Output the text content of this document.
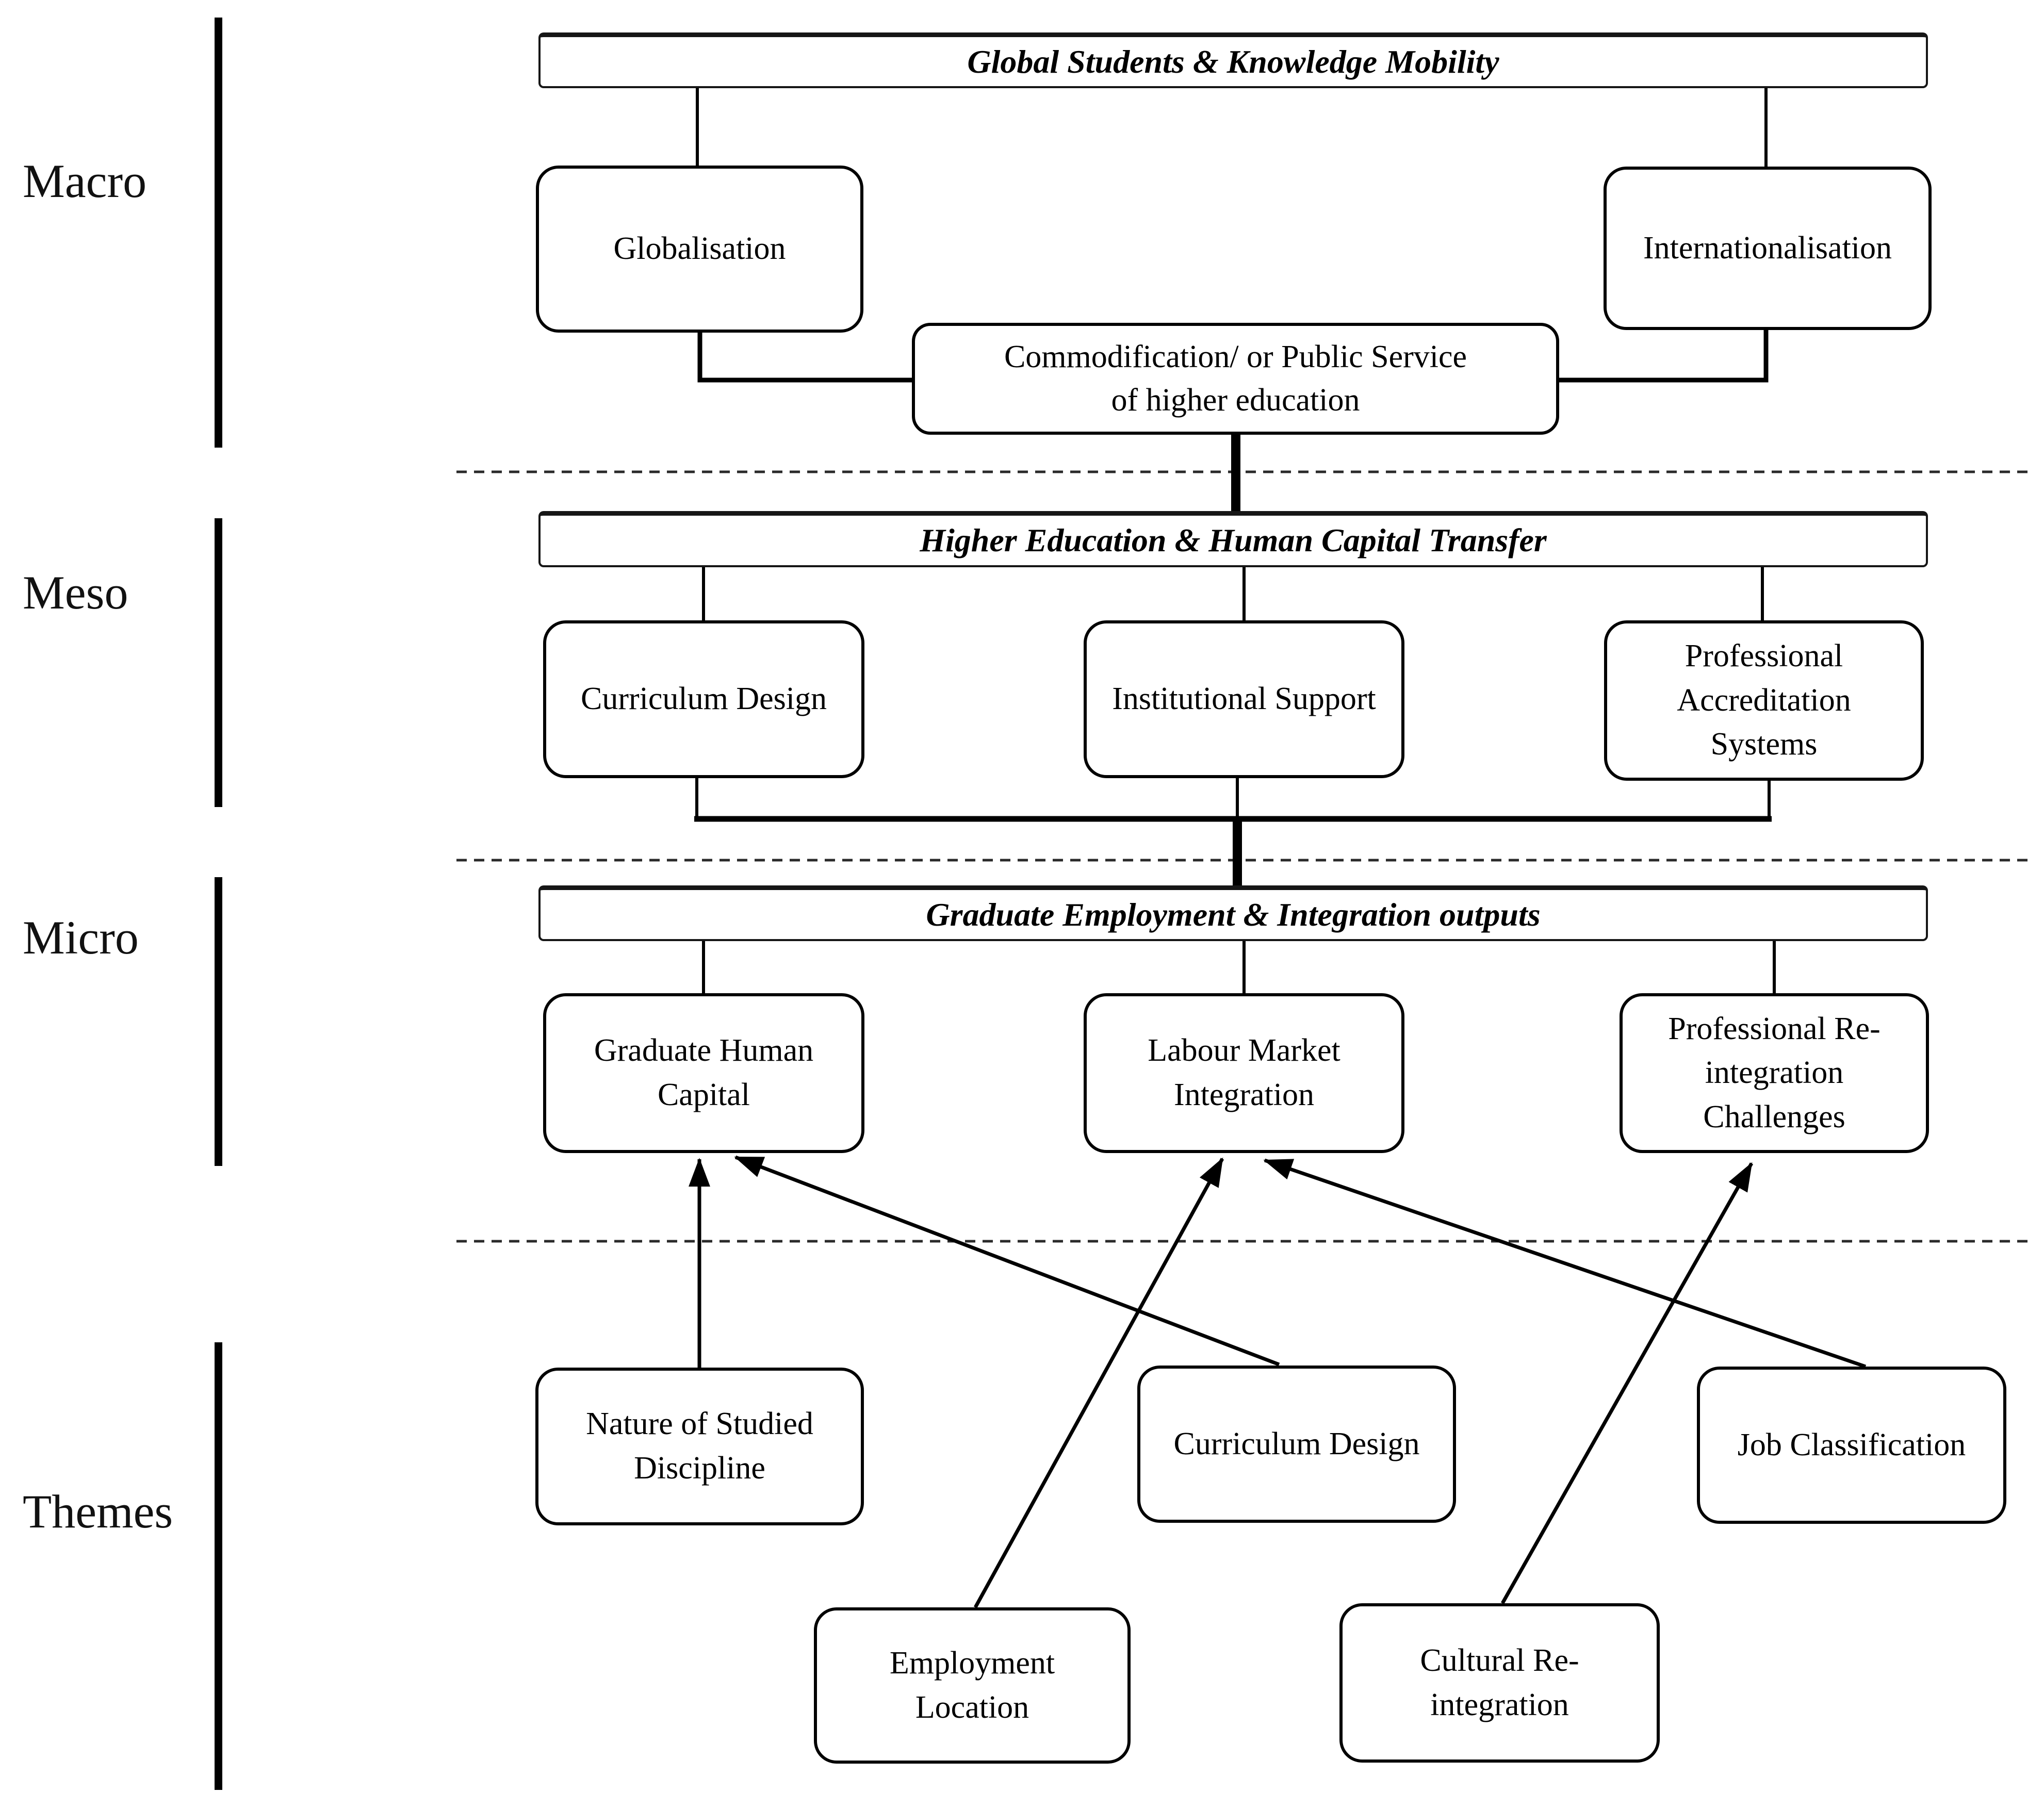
Macro
Meso
Micro
Themes
Global Students & Knowledge Mobility
Higher Education & Human Capital Transfer
Graduate Employment & Integration outputs
Globalisation	Internationalisation
Commodification/ or Public Service
of higher education
Curriculum Design	Institutional Support
Professional
Accreditation
Systems
Graduate Human
Capital
Labour Market
Integration
Professional Re-
integration
Challenges
Nature of Studied
Discipline
Curriculum Design	Job Classification
Employment
Location
Cultural Re-
integration
